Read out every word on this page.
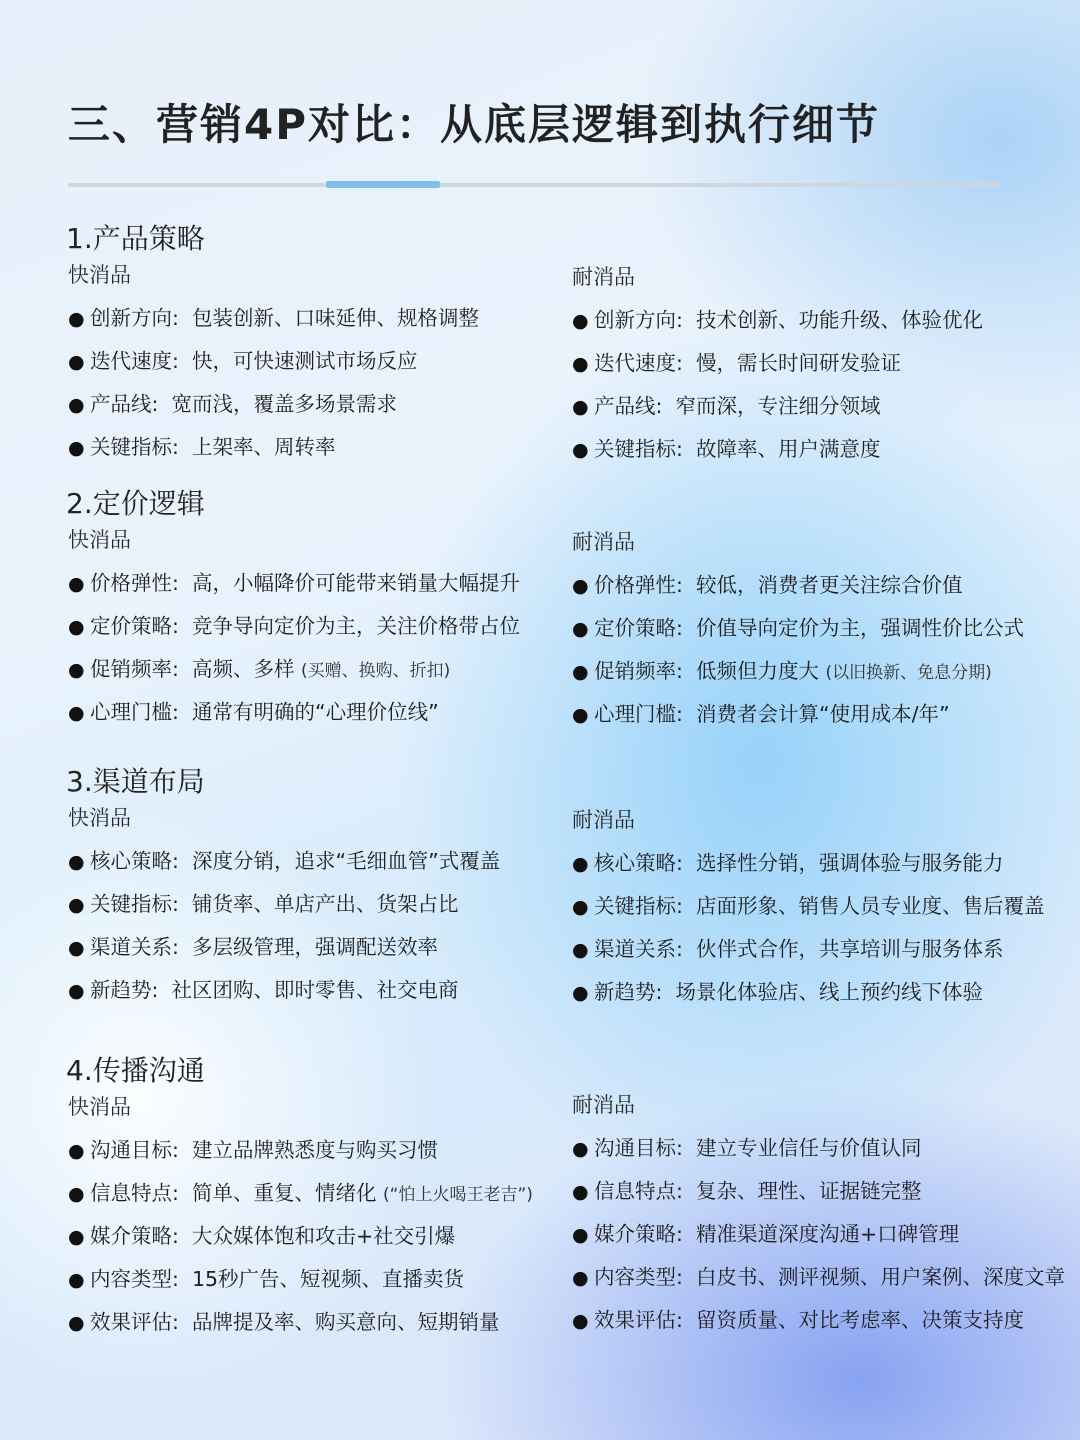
三、营销4P对比：从底层逻辑到执行细节
1.产品策略
快消品
● 创新方向: 包装创新、口味延伸、规格调整
● 迭代速度: 快，可快速测试市场反应
● 产品线: 宽而浅，覆盖多场景需求
● 关键指标: 上架率、周转率
耐消品
● 创新方向: 技术创新、功能升级、体验优化
● 迭代速度: 慢，需长时间研发验证
● 产品线: 窄而深，专注细分领域
● 关键指标: 故障率、用户满意度
2.定价逻辑
快消品
● 价格弹性: 高，小幅降价可能带来销量大幅提升
● 定价策略: 竞争导向定价为主，关注价格带占位
● 促销频率: 高频、多样 (买赠、换购、折扣)
● 心理门槛: 通常有明确的“心理价位线”
耐消品
● 价格弹性: 较低，消费者更关注综合价值
● 定价策略: 价值导向定价为主，强调性价比公式
● 促销频率: 低频但力度大 (以旧换新、免息分期)
● 心理门槛: 消费者会计算“使用成本/年”
3.渠道布局
快消品
● 核心策略: 深度分销，追求“毛细血管”式覆盖
● 关键指标: 铺货率、单店产出、货架占比
● 渠道关系: 多层级管理，强调配送效率
● 新趋势: 社区团购、即时零售、社交电商
耐消品
● 核心策略: 选择性分销，强调体验与服务能力
● 关键指标: 店面形象、销售人员专业度、售后覆盖
● 渠道关系: 伙伴式合作，共享培训与服务体系
● 新趋势: 场景化体验店、线上预约线下体验
4.传播沟通
快消品
● 沟通目标: 建立品牌熟悉度与购买习惯
● 信息特点: 简单、重复、情绪化 (“怕上火喝王老吉”)
● 媒介策略: 大众媒体饱和攻击+社交引爆
● 内容类型: 15秒广告、短视频、直播卖货
● 效果评估: 品牌提及率、购买意向、短期销量
耐消品
● 沟通目标: 建立专业信任与价值认同
● 信息特点: 复杂、理性、证据链完整
● 媒介策略: 精准渠道深度沟通+口碑管理
● 内容类型: 白皮书、测评视频、用户案例、深度文章
● 效果评估: 留资质量、对比考虑率、决策支持度
